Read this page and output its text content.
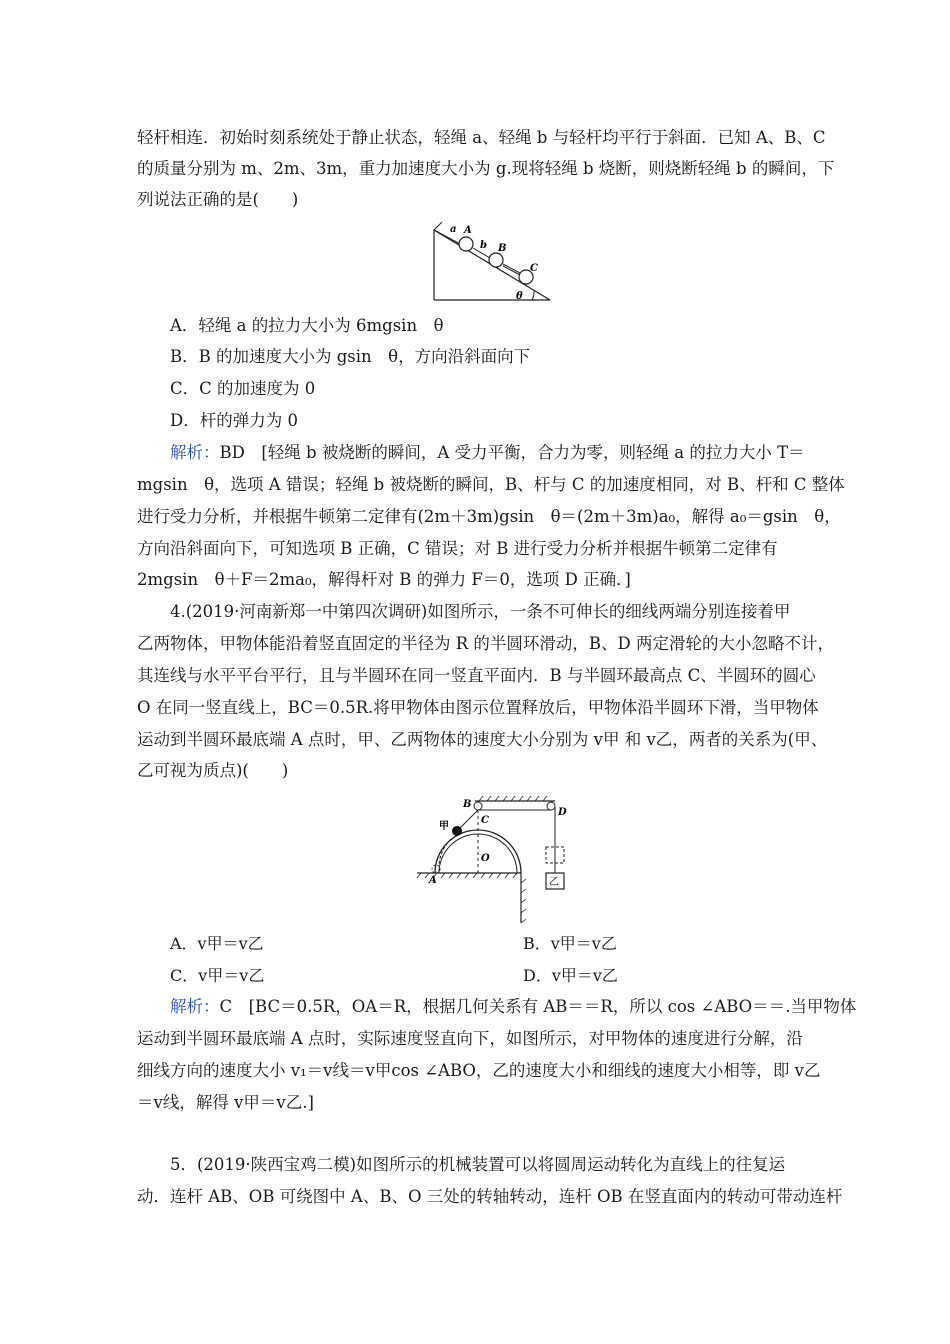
轻杆相连．初始时刻系统处于静止状态，轻绳 a、轻绳 b 与轻杆均平行于斜面．已知 A、B、C
的质量分别为 m、2m、3m，重力加速度大小为 g.现将轻绳 b 烧断，则烧断轻绳 b 的瞬间，下
列说法正确的是(　　)
a A
b B
C
θ
A．轻绳 a 的拉力大小为 6mgsin　θ
B．B 的加速度大小为 gsin　θ，方向沿斜面向下
C．C 的加速度为 0
D．杆的弹力为 0
解析：BD　[轻绳 b 被烧断的瞬间，A 受力平衡，合力为零，则轻绳 a 的拉力大小 T＝
mgsin　θ，选项 A 错误；轻绳 b 被烧断的瞬间，B、杆与 C 的加速度相同，对 B、杆和 C 整体
进行受力分析，并根据牛顿第二定律有(2m＋3m)gsin　θ＝(2m＋3m)a₀，解得 a₀＝gsin　θ，
方向沿斜面向下，可知选项 B 正确，C 错误；对 B 进行受力分析并根据牛顿第二定律有
2mgsin　θ＋F＝2ma₀，解得杆对 B 的弹力 F＝0，选项 D 正确．]
4.(2019·河南新郑一中第四次调研)如图所示，一条不可伸长的细线两端分别连接着甲
乙两物体，甲物体能沿着竖直固定的半径为 R 的半圆环滑动，B、D 两定滑轮的大小忽略不计，
其连线与水平平台平行，且与半圆环在同一竖直平面内．B 与半圆环最高点 C、半圆环的圆心
O 在同一竖直线上，BC＝0.5R.将甲物体由图示位置释放后，甲物体沿半圆环下滑，当甲物体
运动到半圆环最底端 A 点时，甲、乙两物体的速度大小分别为 v甲 和 v乙，两者的关系为(甲、
乙可视为质点)(　　)
B
D
甲
C
O
A	乙
A．v甲＝v乙	B．v甲＝v乙
C．v甲＝v乙	D．v甲＝v乙
解析：C　[BC＝0.5R，OA＝R，根据几何关系有 AB＝＝R，所以 cos ∠ABO＝＝.当甲物体
运动到半圆环最底端 A 点时，实际速度竖直向下，如图所示，对甲物体的速度进行分解，沿
细线方向的速度大小 v₁＝v线＝v甲cos ∠ABO，乙的速度大小和细线的速度大小相等，即 v乙
＝v线，解得 v甲＝v乙.]
5．(2019·陕西宝鸡二模)如图所示的机械装置可以将圆周运动转化为直线上的往复运
动．连杆 AB、OB 可绕图中 A、B、O 三处的转轴转动，连杆 OB 在竖直面内的转动可带动连杆
